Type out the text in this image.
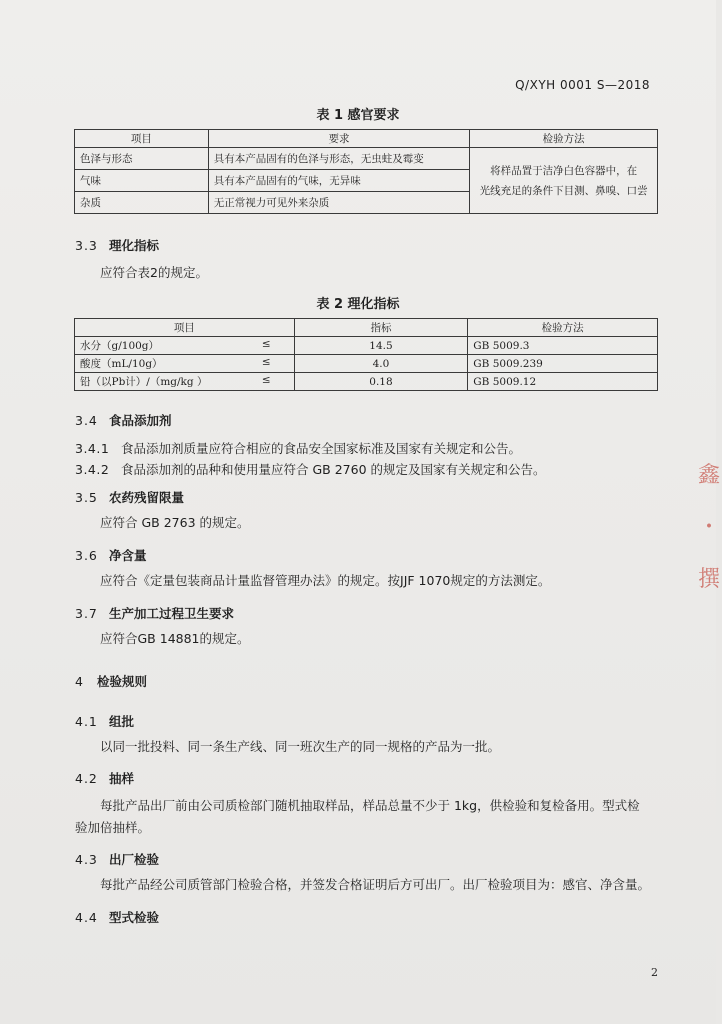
Q/XYH 0001 S—2018
表 1 感官要求
项目	要求	检验方法
色泽与形态	具有本产品固有的色泽与形态，无虫蛀及霉变	将样品置于洁净白色容器中，在
光线充足的条件下目测、鼻嗅、口尝

气味	具有本产品固有的气味，无异味	
杂质	无正常视力可见外来杂质	
3.3 理化指标
应符合表2的规定。
表 2 理化指标
项目	指标	检验方法
水分（g/100g） ≤	14.5	GB 5009.3
酸度（mL/10g） ≤	4.0	GB 5009.239
铅（以Pb计）/（mg/kg ） ≤	0.18	GB 5009.12
3.4 食品添加剂
3.4.1 食品添加剂质量应符合相应的食品安全国家标准及国家有关规定和公告。
3.4.2 食品添加剂的品种和使用量应符合 GB 2760 的规定及国家有关规定和公告。
3.5 农药残留限量
应符合 GB 2763 的规定。
3.6 净含量
应符合《定量包装商品计量监督管理办法》的规定。按JJF 1070规定的方法测定。
3.7 生产加工过程卫生要求
应符合GB 14881的规定。
4 检验规则
4.1 组批
以同一批投料、同一条生产线、同一班次生产的同一规格的产品为一批。
4.2 抽样
每批产品出厂前由公司质检部门随机抽取样品，样品总量不少于 1kg，供检验和复检备用。型式检
验加倍抽样。
4.3 出厂检验
每批产品经公司质管部门检验合格，并签发合格证明后方可出厂。出厂检验项目为：感官、净含量。
4.4 型式检验
2
鑫
・
撰
